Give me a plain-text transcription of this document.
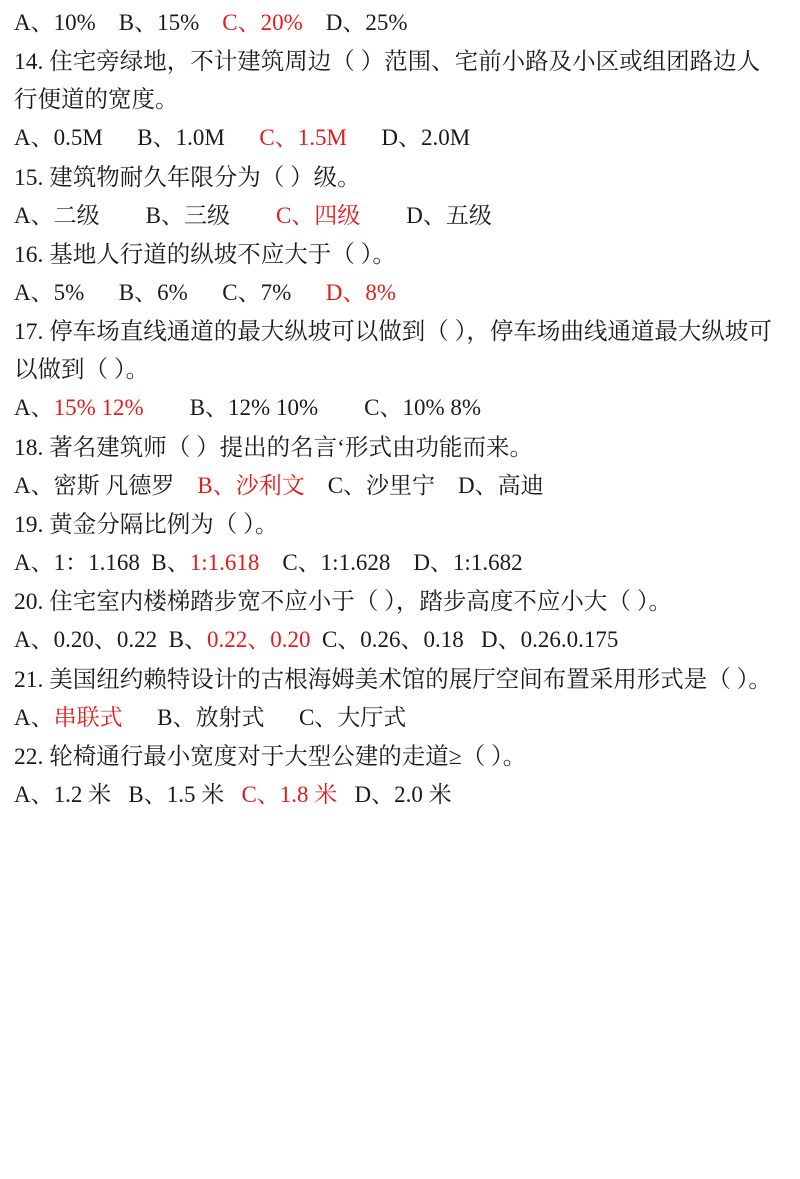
A、10%    B、15%    C、20%    D、25%

14. 住宅旁绿地，不计建筑周边（ ）范围、宅前小路及小区或组团路边人行便道的宽度。

A、0.5M      B、1.0M      C、1.5M      D、2.0M

15. 建筑物耐久年限分为（ ）级。

A、二级        B、三级        C、四级        D、五级

16. 基地人行道的纵坡不应大于（ ）。

A、5%      B、6%      C、7%      D、8%

17. 停车场直线通道的最大纵坡可以做到（ ），停车场曲线通道最大纵坡可以做到（ ）。

A、15% 12%        B、12% 10%        C、10% 8%

18. 著名建筑师（ ）提出的名言‘形式由功能而来。

A、密斯 凡德罗    B、沙利文    C、沙里宁    D、高迪

19. 黄金分隔比例为（ ）。

A、1：1.168  B、1:1.618    C、1:1.628    D、1:1.682

20. 住宅室内楼梯踏步宽不应小于（ ），踏步高度不应小大（ ）。

A、0.20、0.22  B、0.22、0.20  C、0.26、0.18   D、0.26.0.175

21. 美国纽约赖特设计的古根海姆美术馆的展厅空间布置采用形式是（ ）。

A、串联式      B、放射式      C、大厅式

22. 轮椅通行最小宽度对于大型公建的走道≥（ ）。

A、1.2 米   B、1.5 米   C、1.8 米   D、2.0 米
